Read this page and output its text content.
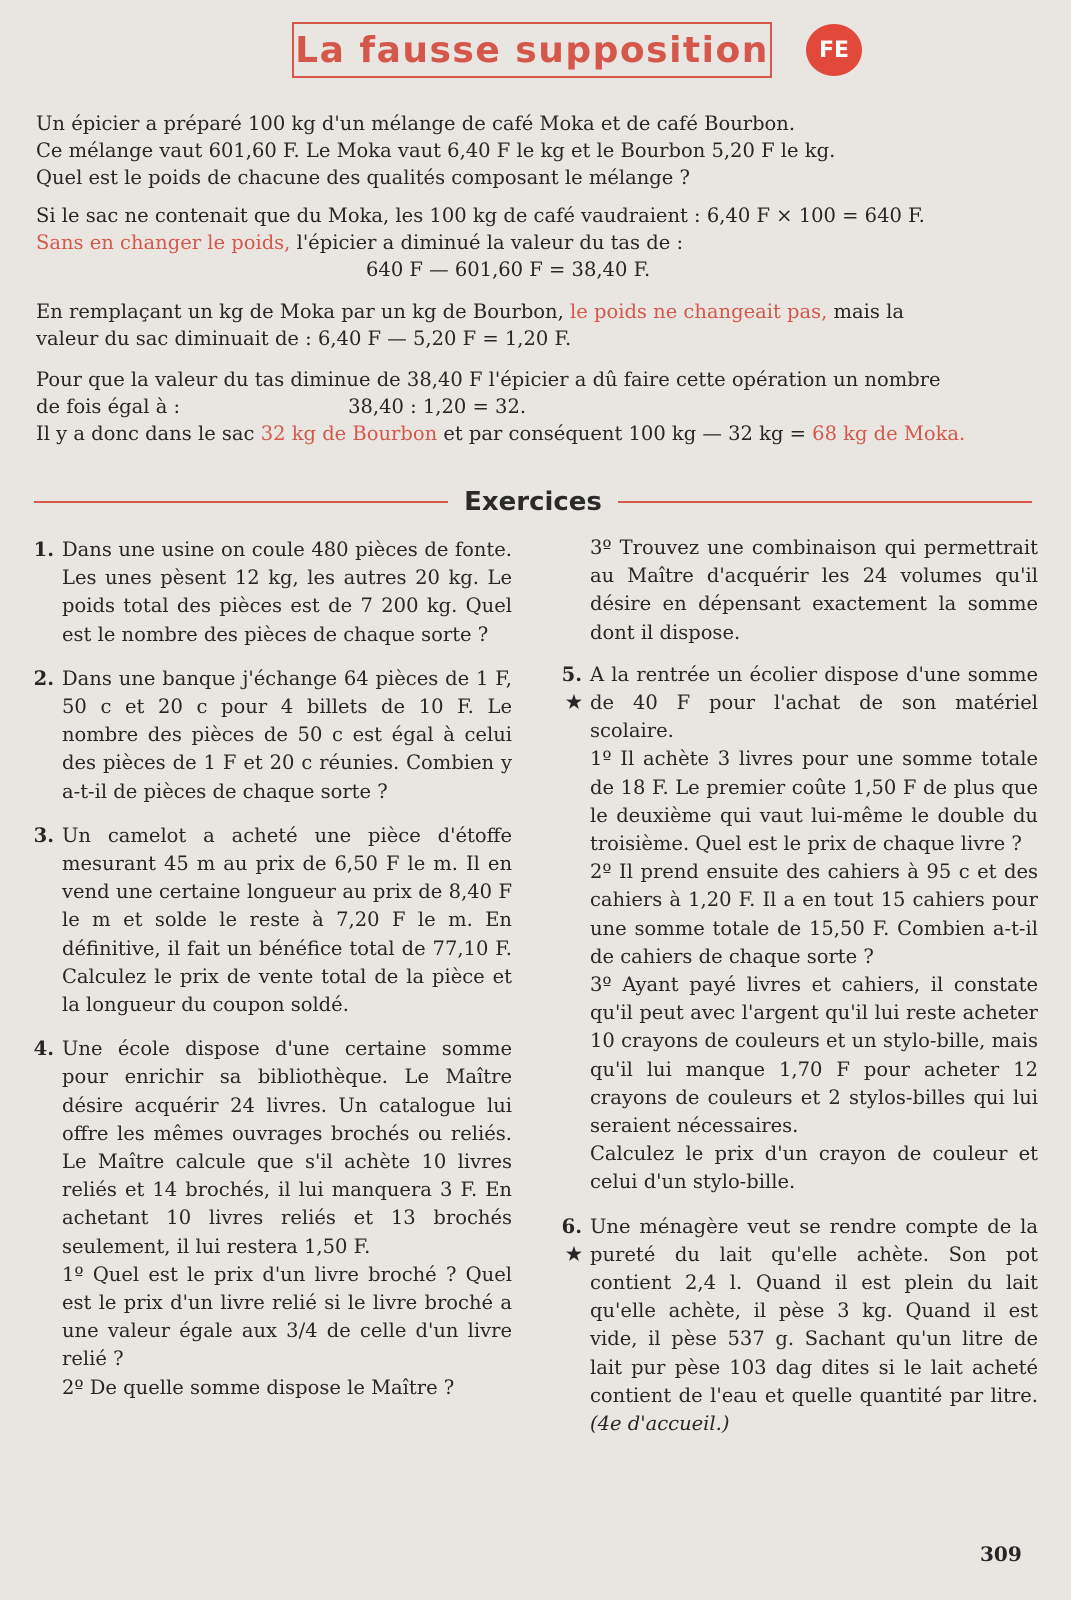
La fausse supposition	FE

Un épicier a préparé 100 kg d'un mélange de café Moka et de café Bourbon.

Ce mélange vaut 601,60 F. Le Moka vaut 6,40 F le kg et le Bourbon 5,20 F le kg.

Quel est le poids de chacune des qualités composant le mélange ?

Si le sac ne contenait que du Moka, les 100 kg de café vaudraient : 6,40 F × 100 = 640 F.

Sans en changer le poids, l'épicier a diminué la valeur du tas de :

640 F — 601,60 F = 38,40 F.

En remplaçant un kg de Moka par un kg de Bourbon, le poids ne changeait pas, mais la

valeur du sac diminuait de : 6,40 F — 5,20 F = 1,20 F.

Pour que la valeur du tas diminue de 38,40 F l'épicier a dû faire cette opération un nombre

de fois égal à :	38,40 : 1,20 = 32.

Il y a donc dans le sac 32 kg de Bourbon et par conséquent 100 kg — 32 kg = 68 kg de Moka.

Exercices
1. Dans une usine on coule 480 pièces de fonte. Les unes pèsent 12 kg, les autres 20 kg. Le poids total des pièces est de 7 200 kg. Quel est le nombre des pièces de chaque sorte ?

2. Dans une banque j'échange 64 pièces de 1 F, 50 c et 20 c pour 4 billets de 10 F. Le nombre des pièces de 50 c est égal à celui des pièces de 1 F et 20 c réunies. Combien y a-t-il de pièces de chaque sorte ?

3. Un camelot a acheté une pièce d'étoffe mesurant 45 m au prix de 6,50 F le m. Il en vend une certaine longueur au prix de 8,40 F le m et solde le reste à 7,20 F le m. En définitive, il fait un bénéfice total de 77,10 F. Calculez le prix de vente total de la pièce et la longueur du coupon soldé.

4. Une école dispose d'une certaine somme pour enrichir sa bibliothèque. Le Maître désire acquérir 24 livres. Un catalogue lui offre les mêmes ouvrages brochés ou reliés. Le Maître calcule que s'il achète 10 livres reliés et 14 brochés, il lui manquera 3 F. En achetant 10 livres reliés et 13 brochés seulement, il lui restera 1,50 F.

1º Quel est le prix d'un livre broché ? Quel est le prix d'un livre relié si le livre broché a une valeur égale aux 3/4 de celle d'un livre relié ?

2º De quelle somme dispose le Maître ?

3º Trouvez une combinaison qui permettrait au Maître d'acquérir les 24 volumes qu'il désire en dépensant exactement la somme dont il dispose.

5.
★

A la rentrée un écolier dispose d'une somme de 40 F pour l'achat de son matériel scolaire.

1º Il achète 3 livres pour une somme totale de 18 F. Le premier coûte 1,50 F de plus que le deuxième qui vaut lui-même le double du troisième. Quel est le prix de chaque livre ?

2º Il prend ensuite des cahiers à 95 c et des cahiers à 1,20 F. Il a en tout 15 cahiers pour une somme totale de 15,50 F. Combien a-t-il de cahiers de chaque sorte ?

3º Ayant payé livres et cahiers, il constate qu'il peut avec l'argent qu'il lui reste acheter 10 crayons de couleurs et un stylo-bille, mais qu'il lui manque 1,70 F pour acheter 12 crayons de couleurs et 2 stylos-billes qui lui seraient nécessaires.

Calculez le prix d'un crayon de couleur et celui d'un stylo-bille.

6.
★

Une ménagère veut se rendre compte de la pureté du lait qu'elle achète. Son pot contient 2,4 l. Quand il est plein du lait qu'elle achète, il pèse 3 kg. Quand il est vide, il pèse 537 g. Sachant qu'un litre de lait pur pèse 103 dag dites si le lait acheté contient de l'eau et quelle quantité par litre. (4e d'accueil.)

309
